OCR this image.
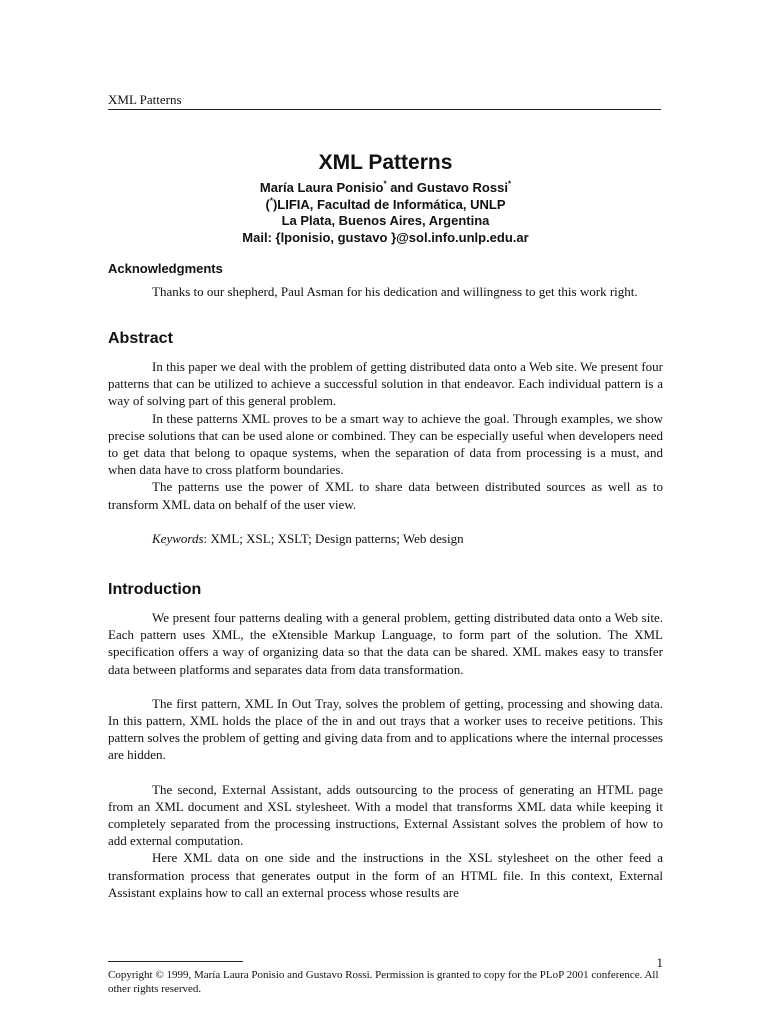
XML Patterns
XML Patterns

María Laura Ponisio* and Gustavo Rossi*

(*)LIFIA, Facultad de Informática, UNLP

La Plata, Buenos Aires, Argentina

Mail: {lponisio, gustavo }@sol.info.unlp.edu.ar

Acknowledgments

Thanks to our shepherd, Paul Asman for his dedication and willingness to get this work right.

Abstract

In this paper we deal with the problem of getting distributed data onto a Web site. We present four patterns that can be utilized to achieve a successful solution in that endeavor. Each individual pattern is a way of solving part of this general problem.

In these patterns XML proves to be a smart way to achieve the goal. Through examples, we show precise solutions that can be used alone or combined. They can be especially useful when developers need to get data that belong to opaque systems, when the separation of data from processing is a must, and when data have to cross platform boundaries.

The patterns use the power of XML to share data between distributed sources as well as to transform XML data on behalf of the user view.

Keywords: XML; XSL; XSLT; Design patterns; Web design

Introduction

We present four patterns dealing with a general problem, getting distributed data onto a Web site. Each pattern uses XML, the eXtensible Markup Language, to form part of the solution. The XML specification offers a way of organizing data so that the data can be shared. XML makes easy to transfer data between platforms and separates data from data transformation.

The first pattern, XML In Out Tray, solves the problem of getting, processing and showing data. In this pattern, XML holds the place of the in and out trays that a worker uses to receive petitions. This pattern solves the problem of getting and giving data from and to applications where the internal processes are hidden.

The second, External Assistant, adds outsourcing to the process of generating an HTML page from an XML document and XSL stylesheet. With a model that transforms XML data while keeping it completely separated from the processing instructions, External Assistant solves the problem of how to add external computation.

Here XML data on one side and the instructions in the XSL stylesheet on the other feed a transformation process that generates output in the form of an HTML file. In this context, External Assistant explains how to call an external process whose results are

1
Copyright © 1999, María Laura Ponisio and Gustavo Rossi. Permission is granted to copy for the PLoP 2001 conference. All other rights reserved.
